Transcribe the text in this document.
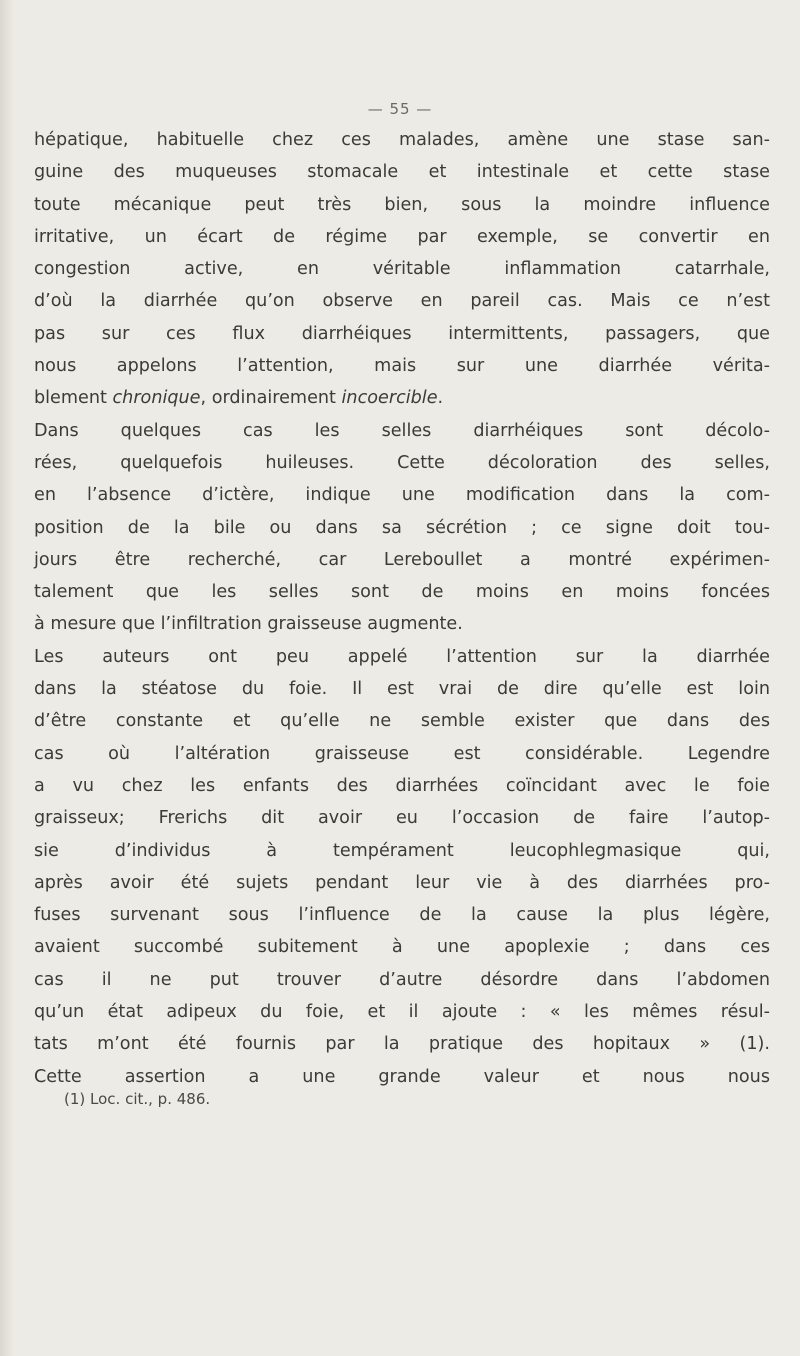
— 55 —
hépatique, habituelle chez ces malades, amène une stase san-
guine des muqueuses stomacale et intestinale et cette stase
toute mécanique peut très bien, sous la moindre influence
irritative, un écart de régime par exemple, se convertir en
congestion active, en véritable inflammation catarrhale,
d’où la diarrhée qu’on observe en pareil cas. Mais ce n’est
pas sur ces flux diarrhéiques intermittents, passagers, que
nous appelons l’attention, mais sur une diarrhée vérita-
blement chronique, ordinairement incoercible.
Dans quelques cas les selles diarrhéiques sont décolo-
rées, quelquefois huileuses. Cette décoloration des selles,
en l’absence d’ictère, indique une modification dans la com-
position de la bile ou dans sa sécrétion ; ce signe doit tou-
jours être recherché, car Lereboullet a montré expérimen-
talement que les selles sont de moins en moins foncées
à mesure que l’infiltration graisseuse augmente.
Les auteurs ont peu appelé l’attention sur la diarrhée
dans la stéatose du foie. Il est vrai de dire qu’elle est loin
d’être constante et qu’elle ne semble exister que dans des
cas où l’altération graisseuse est considérable. Legendre
a vu chez les enfants des diarrhées coïncidant avec le foie
graisseux; Frerichs dit avoir eu l’occasion de faire l’autop-
sie d’individus à tempérament leucophlegmasique qui,
après avoir été sujets pendant leur vie à des diarrhées pro-
fuses survenant sous l’influence de la cause la plus légère,
avaient succombé subitement à une apoplexie ; dans ces
cas il ne put trouver d’autre désordre dans l’abdomen
qu’un état adipeux du foie, et il ajoute : « les mêmes résul-
tats m’ont été fournis par la pratique des hopitaux » (1).
Cette assertion a une grande valeur et nous nous
(1) Loc. cit., p. 486.
